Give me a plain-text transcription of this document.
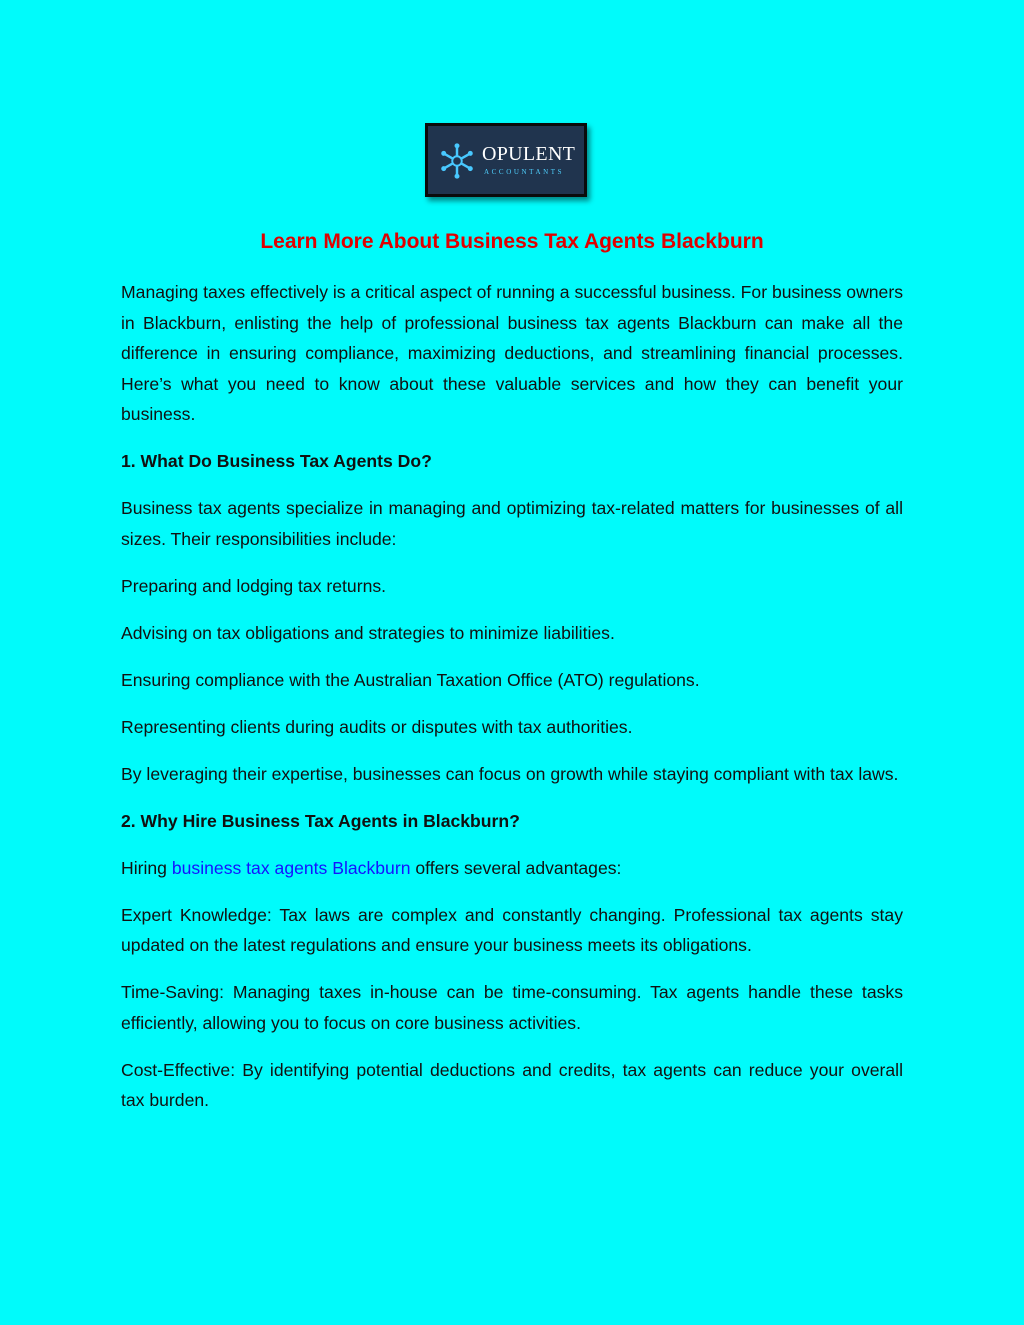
OPULENT
ACCOUNTANTS
Learn More About Business Tax Agents Blackburn

Managing taxes effectively is a critical aspect of running a successful business. For business owners in Blackburn, enlisting the help of professional business tax agents Blackburn can make all the difference in ensuring compliance, maximizing deductions, and streamlining financial processes. Here’s what you need to know about these valuable services and how they can benefit your business.

1. What Do Business Tax Agents Do?

Business tax agents specialize in managing and optimizing tax-related matters for businesses of all sizes. Their responsibilities include:

Preparing and lodging tax returns.

Advising on tax obligations and strategies to minimize liabilities.

Ensuring compliance with the Australian Taxation Office (ATO) regulations.

Representing clients during audits or disputes with tax authorities.

By leveraging their expertise, businesses can focus on growth while staying compliant with tax laws.

2. Why Hire Business Tax Agents in Blackburn?

Hiring business tax agents Blackburn offers several advantages:

Expert Knowledge: Tax laws are complex and constantly changing. Professional tax agents stay updated on the latest regulations and ensure your business meets its obligations.

Time-Saving: Managing taxes in-house can be time-consuming. Tax agents handle these tasks efficiently, allowing you to focus on core business activities.

Cost-Effective: By identifying potential deductions and credits, tax agents can reduce your overall tax burden.
